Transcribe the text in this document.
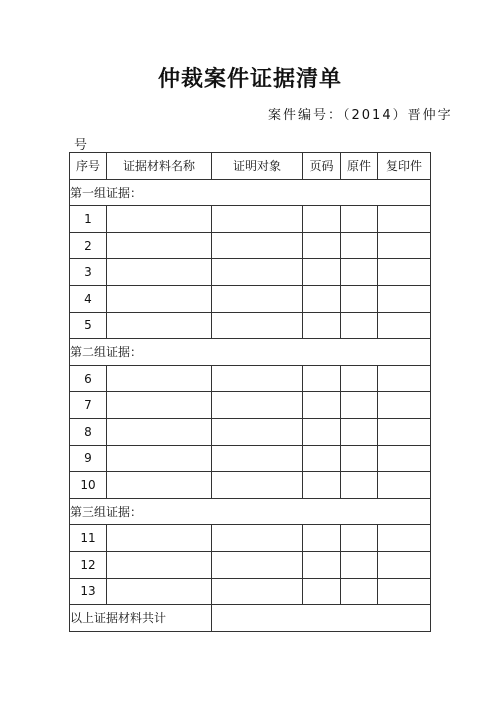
仲裁案件证据清单
案件编号：（2014）晋仲字
号
序号	证据材料名称	证明对象	页码	原件	复印件
第一组证据：					
1					
2					
3					
4					
5					
第二组证据：					
6					
7					
8					
9					
10					
第三组证据：					
11					
12					
13					
以上证据材料共计					
